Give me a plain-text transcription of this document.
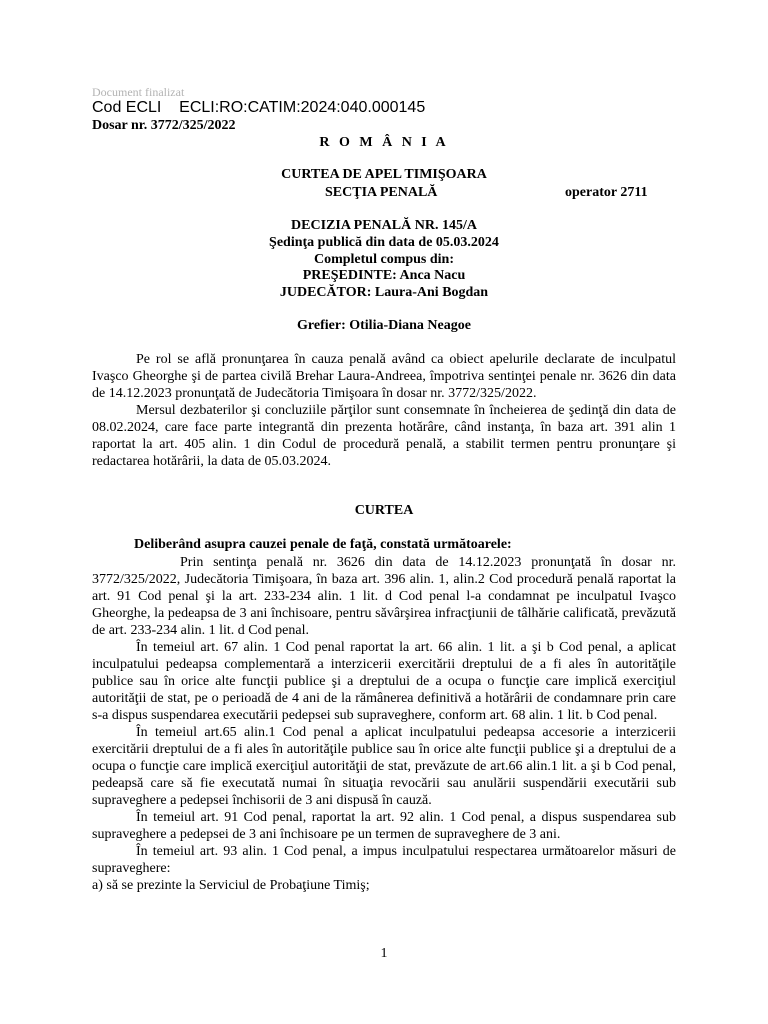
Document finalizat
Cod ECLI    ECLI:RO:CATIM:2024:040.000145
Dosar nr. 3772/325/2022
R O M Â N I A
CURTEA DE APEL TIMIŞOARA
SECŢIA PENALĂ	operator 2711
DECIZIA PENALĂ NR. 145/A
Şedinţa publică din data de 05.03.2024
Completul compus din:
PREŞEDINTE: Anca Nacu
JUDECĂTOR: Laura-Ani Bogdan
Grefier: Otilia-Diana Neagoe

Pe rol se află pronunţarea în cauza penală având ca obiect apelurile declarate de inculpatul Ivaşco Gheorghe şi de partea civilă Brehar Laura-Andreea, împotriva sentinţei penale nr. 3626 din data de 14.12.2023 pronunţată de Judecătoria Timişoara în dosar nr. 3772/325/2022.

Mersul dezbaterilor şi concluziile părţilor sunt consemnate în încheierea de şedinţă din data de 08.02.2024, care face parte integrantă din prezenta hotărâre, când instanţa, în baza art. 391 alin 1 raportat la art. 405 alin. 1 din Codul de procedură penală, a stabilit termen pentru pronunţare şi redactarea hotărârii, la data de 05.03.2024.

CURTEA
Deliberând asupra cauzei penale de faţă, constată următoarele:

Prin sentinţa penală nr. 3626 din data de 14.12.2023 pronunţată în dosar nr. 3772/325/2022, Judecătoria Timişoara, în baza art. 396 alin. 1, alin.2 Cod procedură penală raportat la art. 91 Cod penal şi la art. 233-234 alin. 1 lit. d Cod penal l-a condamnat pe inculpatul Ivaşco Gheorghe, la pedeapsa de 3 ani închisoare, pentru săvârşirea infracţiunii de tâlhărie calificată, prevăzută de art. 233-234 alin. 1 lit. d Cod penal.

În temeiul art. 67 alin. 1 Cod penal raportat la art. 66 alin. 1 lit. a şi b Cod penal, a aplicat inculpatului pedeapsa complementară a interzicerii exercitării dreptului de a fi ales în autorităţile publice sau în orice alte funcţii publice şi a dreptului de a ocupa o funcţie care implică exerciţiul autorităţii de stat, pe o perioadă de 4 ani de la rămânerea definitivă a hotărârii de condamnare prin care s-a dispus suspendarea executării pedepsei sub supraveghere, conform art. 68 alin. 1 lit. b Cod penal.

În temeiul art.65 alin.1 Cod penal a aplicat inculpatului pedeapsa accesorie a interzicerii exercitării dreptului de a fi ales în autorităţile publice sau în orice alte funcţii publice şi a dreptului de a ocupa o funcţie care implică exerciţiul autorităţii de stat, prevăzute de art.66 alin.1 lit. a şi b Cod penal, pedeapsă care să fie executată numai în situaţia revocării sau anulării suspendării executării sub supraveghere a pedepsei închisorii de 3 ani dispusă în cauză.

În temeiul art. 91 Cod penal, raportat la art. 92 alin. 1 Cod penal, a dispus suspendarea sub supraveghere a pedepsei de 3 ani închisoare pe un termen de supraveghere de 3 ani.

În temeiul art. 93 alin. 1 Cod penal, a impus inculpatului respectarea următoarelor măsuri de supraveghere:

a) să se prezinte la Serviciul de Probaţiune Timiş;

1
